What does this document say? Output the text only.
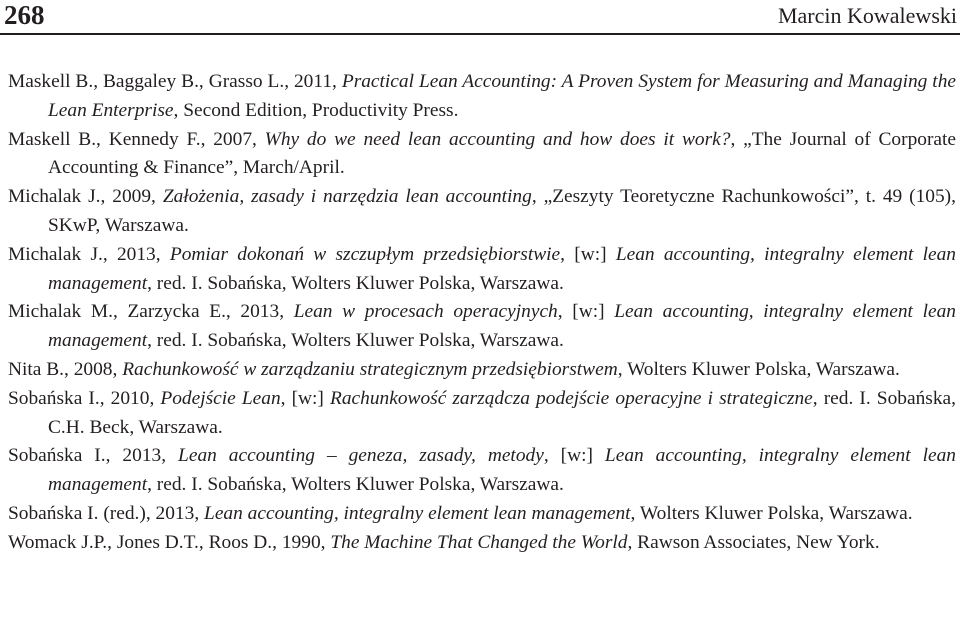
268	Marcin Kowalewski

Maskell B., Baggaley B., Grasso L., 2011, Practical Lean Accounting: A Proven System for Measuring and Managing the Lean Enterprise, Second Edition, Productivity Press.

Maskell B., Kennedy F., 2007, Why do we need lean accounting and how does it work?, „The Journal of Corporate Accounting & Finance”, March/April.

Michalak J., 2009, Założenia, zasady i narzędzia lean accounting, „Zeszyty Teoretyczne Rachunkowości”, t. 49 (105), SKwP, Warszawa.

Michalak J., 2013, Pomiar dokonań w szczupłym przedsiębiorstwie, [w:] Lean accounting, integralny element lean management, red. I. Sobańska, Wolters Kluwer Polska, Warszawa.

Michalak M., Zarzycka E., 2013, Lean w procesach operacyjnych, [w:] Lean accounting, integralny element lean management, red. I. Sobańska, Wolters Kluwer Polska, Warszawa.

Nita B., 2008, Rachunkowość w zarządzaniu strategicznym przedsiębiorstwem, Wolters Kluwer Polska, Warszawa.

Sobańska I., 2010, Podejście Lean, [w:] Rachunkowość zarządcza podejście operacyjne i strategiczne, red. I. Sobańska, C.H. Beck, Warszawa.

Sobańska I., 2013, Lean accounting – geneza, zasady, metody, [w:] Lean accounting, integralny element lean management, red. I. Sobańska, Wolters Kluwer Polska, Warszawa.

Sobańska I. (red.), 2013, Lean accounting, integralny element lean management, Wolters Kluwer Polska, Warszawa.

Womack J.P., Jones D.T., Roos D., 1990, The Machine That Changed the World, Rawson Associates, New York.
